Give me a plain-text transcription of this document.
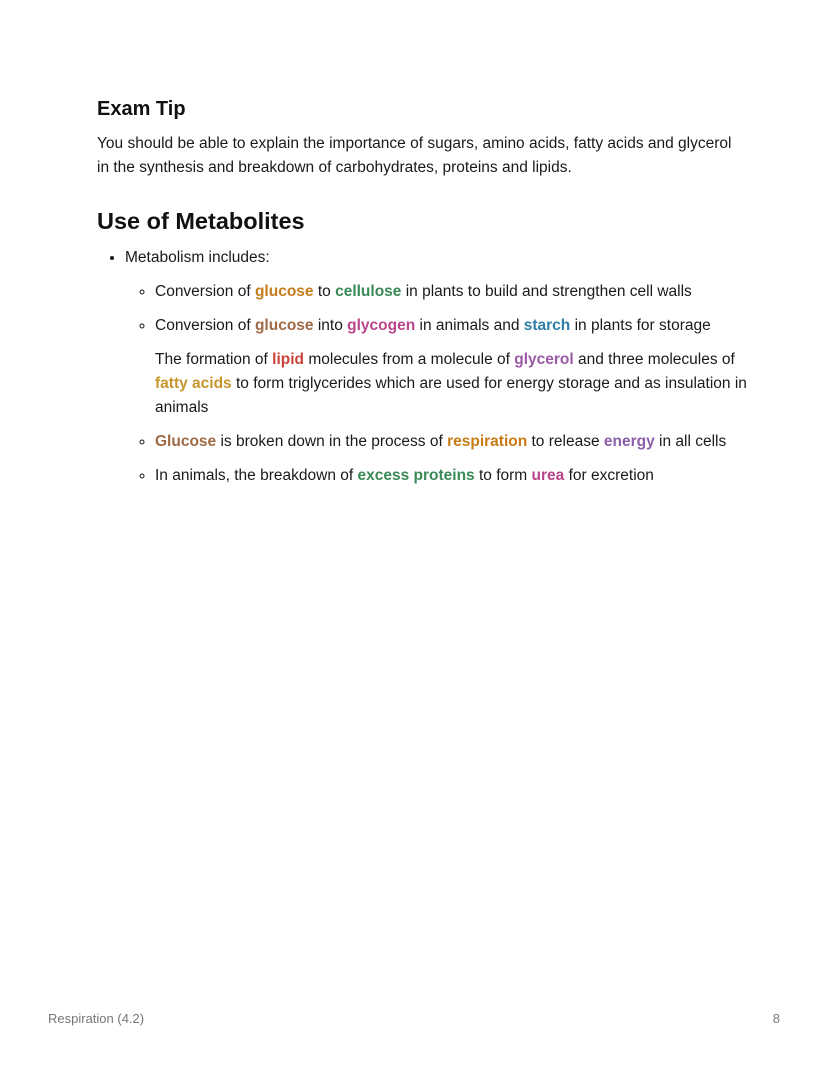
Exam Tip

You should be able to explain the importance of sugars, amino acids, fatty acids and glycerol in the synthesis and breakdown of carbohydrates, proteins and lipids.

Use of Metabolites
• Metabolism includes:
◦ Conversion of glucose to cellulose in plants to build and strengthen cell walls
◦ Conversion of glucose into glycogen in animals and starch in plants for storage

The formation of lipid molecules from a molecule of glycerol and three molecules of fatty acids to form triglycerides which are used for energy storage and as insulation in animals

◦ Glucose is broken down in the process of respiration to release energy in all cells
◦ In animals, the breakdown of excess proteins to form urea for excretion
Respiration (4.2)	8
